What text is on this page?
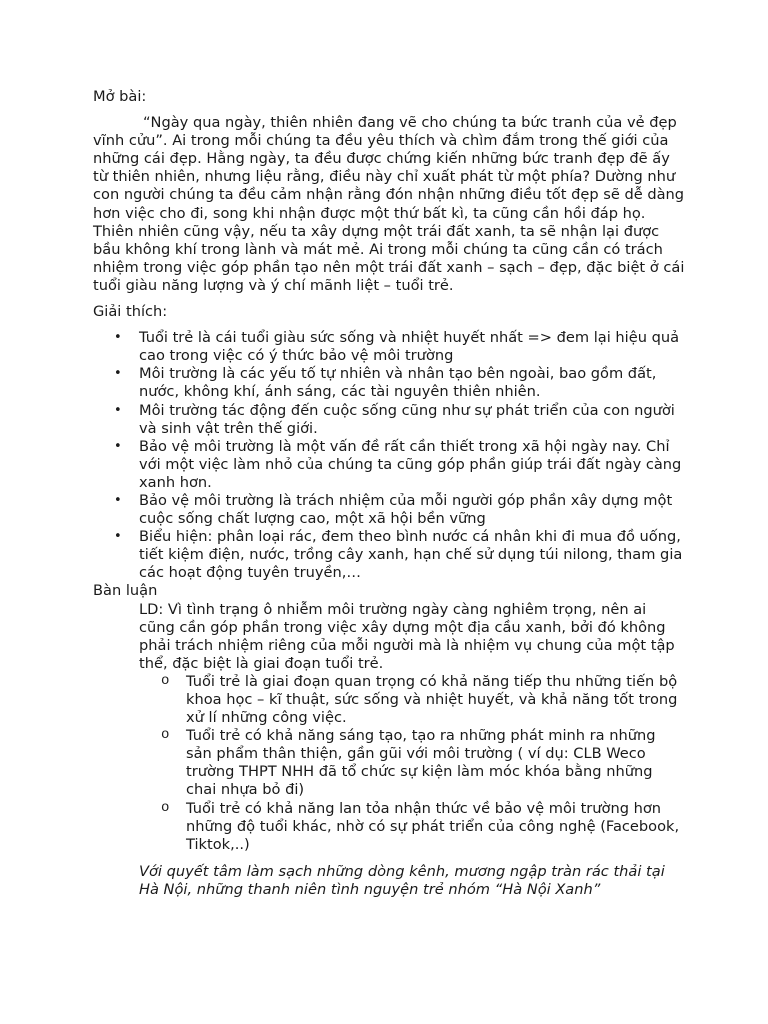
Mở bài:

“Ngày qua ngày, thiên nhiên đang vẽ cho chúng ta bức tranh của vẻ đẹp vĩnh cửu”. Ai trong mỗi chúng ta đều yêu thích và chìm đắm trong thế giới của những cái đẹp. Hằng ngày, ta đều được chứng kiến những bức tranh đẹp đẽ ấy từ thiên nhiên, nhưng liệu rằng, điều này chỉ xuất phát từ một phía? Dường như con người chúng ta đều cảm nhận rằng đón nhận những điều tốt đẹp sẽ dễ dàng hơn việc cho đi, song khi nhận được một thứ bất kì, ta cũng cần hồi đáp họ. Thiên nhiên cũng vậy, nếu ta xây dựng một trái đất xanh, ta sẽ nhận lại được bầu không khí trong lành và mát mẻ. Ai trong mỗi chúng ta cũng cần có trách nhiệm trong việc góp phần tạo nên một trái đất xanh – sạch – đẹp, đặc biệt ở cái tuổi giàu năng lượng và ý chí mãnh liệt – tuổi trẻ.

Giải thích:

• Tuổi trẻ là cái tuổi giàu sức sống và nhiệt huyết nhất => đem lại hiệu quả cao trong việc có ý thức bảo vệ môi trường
• Môi trường là các yếu tố tự nhiên và nhân tạo bên ngoài, bao gồm đất, nước, không khí, ánh sáng, các tài nguyên thiên nhiên.
• Môi trường tác động đến cuộc sống cũng như sự phát triển của con người và sinh vật trên thế giới.
• Bảo vệ môi trường là một vấn đề rất cần thiết trong xã hội ngày nay. Chỉ với một việc làm nhỏ của chúng ta cũng góp phần giúp trái đất ngày càng xanh hơn.
• Bảo vệ môi trường là trách nhiệm của mỗi người góp phần xây dựng một cuộc sống chất lượng cao, một xã hội bền vững
• Biểu hiện: phân loại rác, đem theo bình nước cá nhân khi đi mua đồ uống, tiết kiệm điện, nước, trồng cây xanh, hạn chế sử dụng túi nilong, tham gia các hoạt động tuyên truyền,…

Bàn luận

LD: Vì tình trạng ô nhiễm môi trường ngày càng nghiêm trọng, nên ai cũng cần góp phần trong việc xây dựng một địa cầu xanh, bởi đó không phải trách nhiệm riêng của mỗi người mà là nhiệm vụ chung của một tập thể, đặc biệt là giai đoạn tuổi trẻ.

o Tuổi trẻ là giai đoạn quan trọng có khả năng tiếp thu những tiến bộ khoa học – kĩ thuật, sức sống và nhiệt huyết, và khả năng tốt trong xử lí những công việc.
o Tuổi trẻ có khả năng sáng tạo, tạo ra những phát minh ra những sản phẩm thân thiện, gần gũi với môi trường ( ví dụ: CLB Weco trường THPT NHH đã tổ chức sự kiện làm móc khóa bằng những chai nhựa bỏ đi)
o Tuổi trẻ có khả năng lan tỏa nhận thức về bảo vệ môi trường hơn những độ tuổi khác, nhờ có sự phát triển của công nghệ (Facebook, Tiktok,..)

Với quyết tâm làm sạch những dòng kênh, mương ngập tràn rác thải tại Hà Nội, những thanh niên tình nguyện trẻ nhóm “Hà Nội Xanh”
